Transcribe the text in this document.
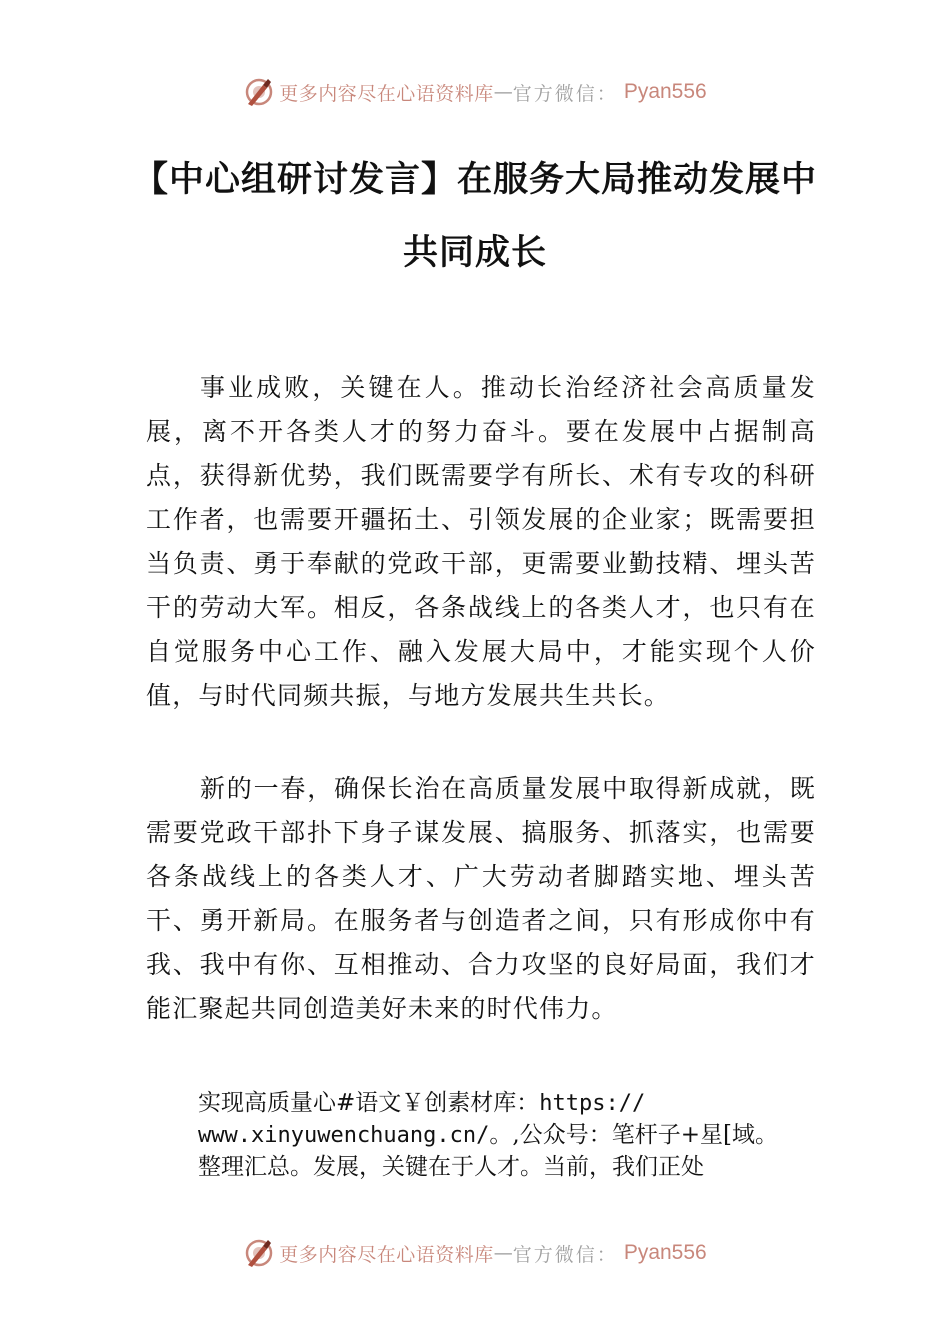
更多内容尽在心语资料库 — 官方微信： Pyan556
【中心组研讨发言】在服务大局推动发展中
共同成长

事业成败，关键在人。推动长治经济社会高质量发展，离不开各类人才的努力奋斗。要在发展中占据制高点，获得新优势，我们既需要学有所长、术有专攻的科研工作者，也需要开疆拓土、引领发展的企业家；既需要担当负责、勇于奉献的党政干部，更需要业勤技精、埋头苦干的劳动大军。相反，各条战线上的各类人才，也只有在自觉服务中心工作、融入发展大局中，才能实现个人价值，与时代同频共振，与地方发展共生共长。

新的一春，确保长治在高质量发展中取得新成就，既需要党政干部扑下身子谋发展、搞服务、抓落实，也需要各条战线上的各类人才、广大劳动者脚踏实地、埋头苦干、勇开新局。在服务者与创造者之间，只有形成你中有我、我中有你、互相推动、合力攻坚的良好局面，我们才能汇聚起共同创造美好未来的时代伟力。

实现高质量心#语文￥创素材库：https://
www.xinyuwenchuang.cn/。,公众号：笔杆子+星[域。
整理汇总。发展，关键在于人才。当前，我们正处
更多内容尽在心语资料库 — 官方微信： Pyan556
